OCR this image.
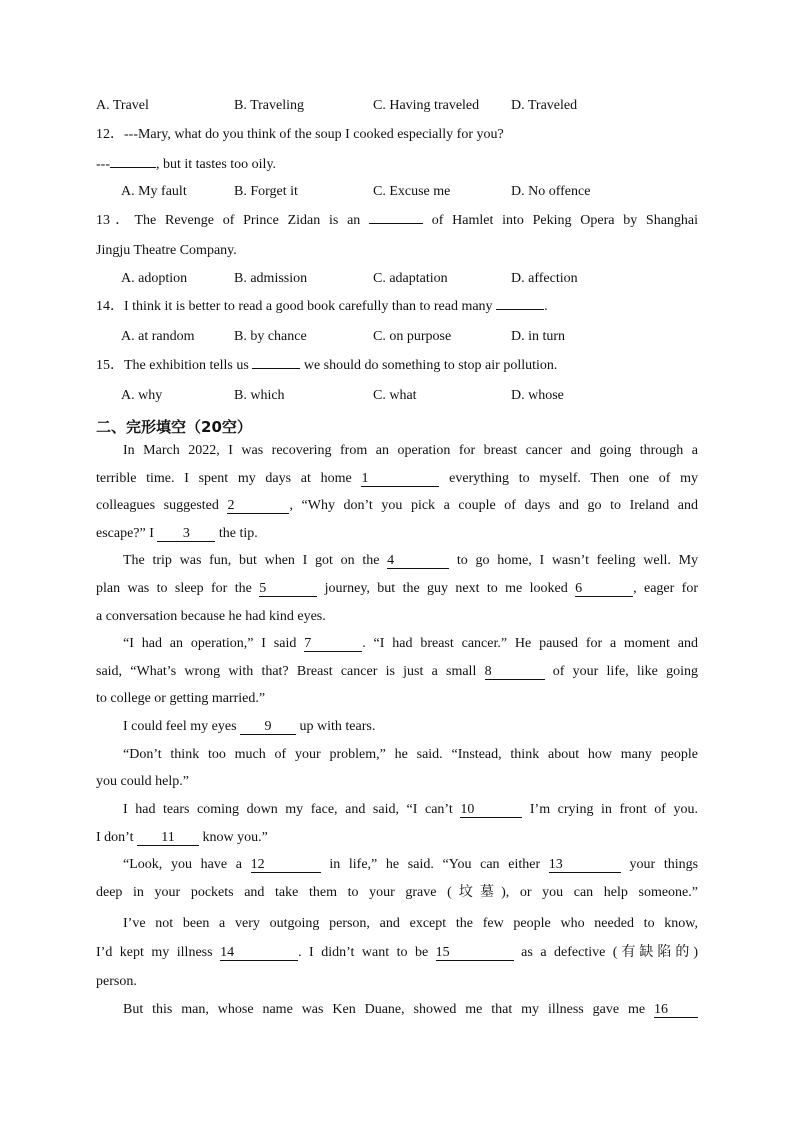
A. Travel	B. Traveling	C. Having traveled D. Traveled
12．---Mary, what do you think of the soup I cooked especially for you?
---	, but it tastes too oily.
A. My fault	B. Forget it	C. Excuse me	D. No offence
13．The Revenge of Prince Zidan is an	of Hamlet into Peking Opera by Shanghai
Jingju Theatre Company.
A. adoption	B. admission	C. adaptation	D. affection
14．I think it is better to read a good book carefully than to read many	.
A. at random	B. by chance	C. on purpose	D. in turn
15．The exhibition tells us	we should do something to stop air pollution.
A. why	B. which	C. what	D. whose
二、完形填空（20空）
In March 2022, I was recovering from an operation for breast cancer and going through a
terrible time. I spent my days at home 1	everything to myself. Then one of my
colleagues suggested 2	, “Why don’t you pick a couple of days and go to Ireland and
escape?” I 3 the tip.
The trip was fun, but when I got on the 4	to go home, I wasn’t feeling well. My
plan was to sleep for the 5	journey, but the guy next to me looked 6	, eager for
a conversation because he had kind eyes.
“I had an operation,” I said 7	. “I had breast cancer.” He paused for a moment and
said, “What’s wrong with that? Breast cancer is just a small 8	of your life, like going
to college or getting married.”
I could feel my eyes 9 up with tears.
“Don’t think too much of your problem,” he said. “Instead, think about how many people
you could help.”
I had tears coming down my face, and said, “I can’t 10	I’m crying in front of you.
I don’t 11 know you.”
“Look, you have a 12	in life,” he said. “You can either 13	your things
deep in your pockets and take them to your grave (坟墓), or you can help someone.”
I’ve not been a very outgoing person, and except the few people who needed to know,
I’d kept my illness 14	. I didn’t want to be 15	as a defective (有缺陷的)
person.
But this man, whose name was Ken Duane, showed me that my illness gave me 16
